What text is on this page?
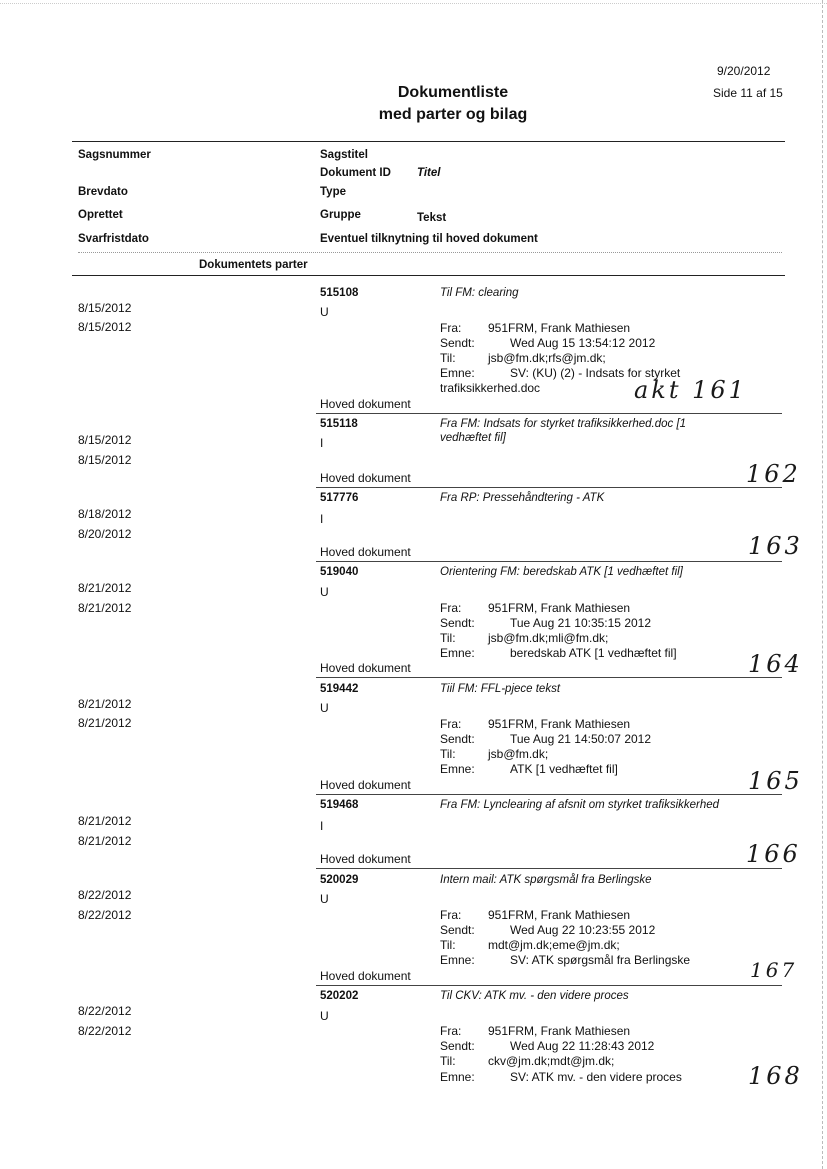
9/20/2012
Side 11 af 15
Dokumentliste
med parter og bilag
Sagsnummer	Sagstitel
Dokument ID Titel
Brevdato	Type
Oprettet	Gruppe	Tekst
Svarfristdato	Eventuel tilknytning til hoved dokument
Dokumentets parter
515108	Til FM: clearing
8/15/2012	U
8/15/2012	Fra: 951FRM, Frank Mathiesen
Sendt:	Wed Aug 15 13:54:12 2012
Til:	jsb@fm.dk;rfs@jm.dk;
Emne:	SV: (KU) (2) - Indsats for styrket
trafiksikkerhed.doc
Hoved dokument	akt 161
515118	Fra FM: Indsats for styrket trafiksikkerhed.doc [1
vedhæftet fil]
8/15/2012	I
8/15/2012
Hoved dokument	162
517776	Fra RP: Pressehåndtering - ATK
8/18/2012	I
8/20/2012
Hoved dokument	163
519040	Orientering FM: beredskab ATK [1 vedhæftet fil]
8/21/2012	U
8/21/2012	Fra: 951FRM, Frank Mathiesen
Sendt:	Tue Aug 21 10:35:15 2012
Til:	jsb@fm.dk;mli@fm.dk;
Emne:	beredskab ATK [1 vedhæftet fil]
Hoved dokument	164
519442	Tiil FM: FFL-pjece tekst
8/21/2012	U
8/21/2012	Fra: 951FRM, Frank Mathiesen
Sendt:	Tue Aug 21 14:50:07 2012
Til:	jsb@fm.dk;
Emne:	ATK [1 vedhæftet fil]
Hoved dokument	165
519468	Fra FM: Lynclearing af afsnit om styrket trafiksikkerhed
8/21/2012	I
8/21/2012
Hoved dokument	166
520029	Intern mail: ATK spørgsmål fra Berlingske
8/22/2012	U
8/22/2012	Fra: 951FRM, Frank Mathiesen
Sendt:	Wed Aug 22 10:23:55 2012
Til:	mdt@jm.dk;eme@jm.dk;
Emne:	SV: ATK spørgsmål fra Berlingske
Hoved dokument	167
520202	Til CKV: ATK mv. - den videre proces
8/22/2012	U
8/22/2012	Fra: 951FRM, Frank Mathiesen
Sendt:	Wed Aug 22 11:28:43 2012
Til:	ckv@jm.dk;mdt@jm.dk;
Emne:	SV: ATK mv. - den videre proces	168
